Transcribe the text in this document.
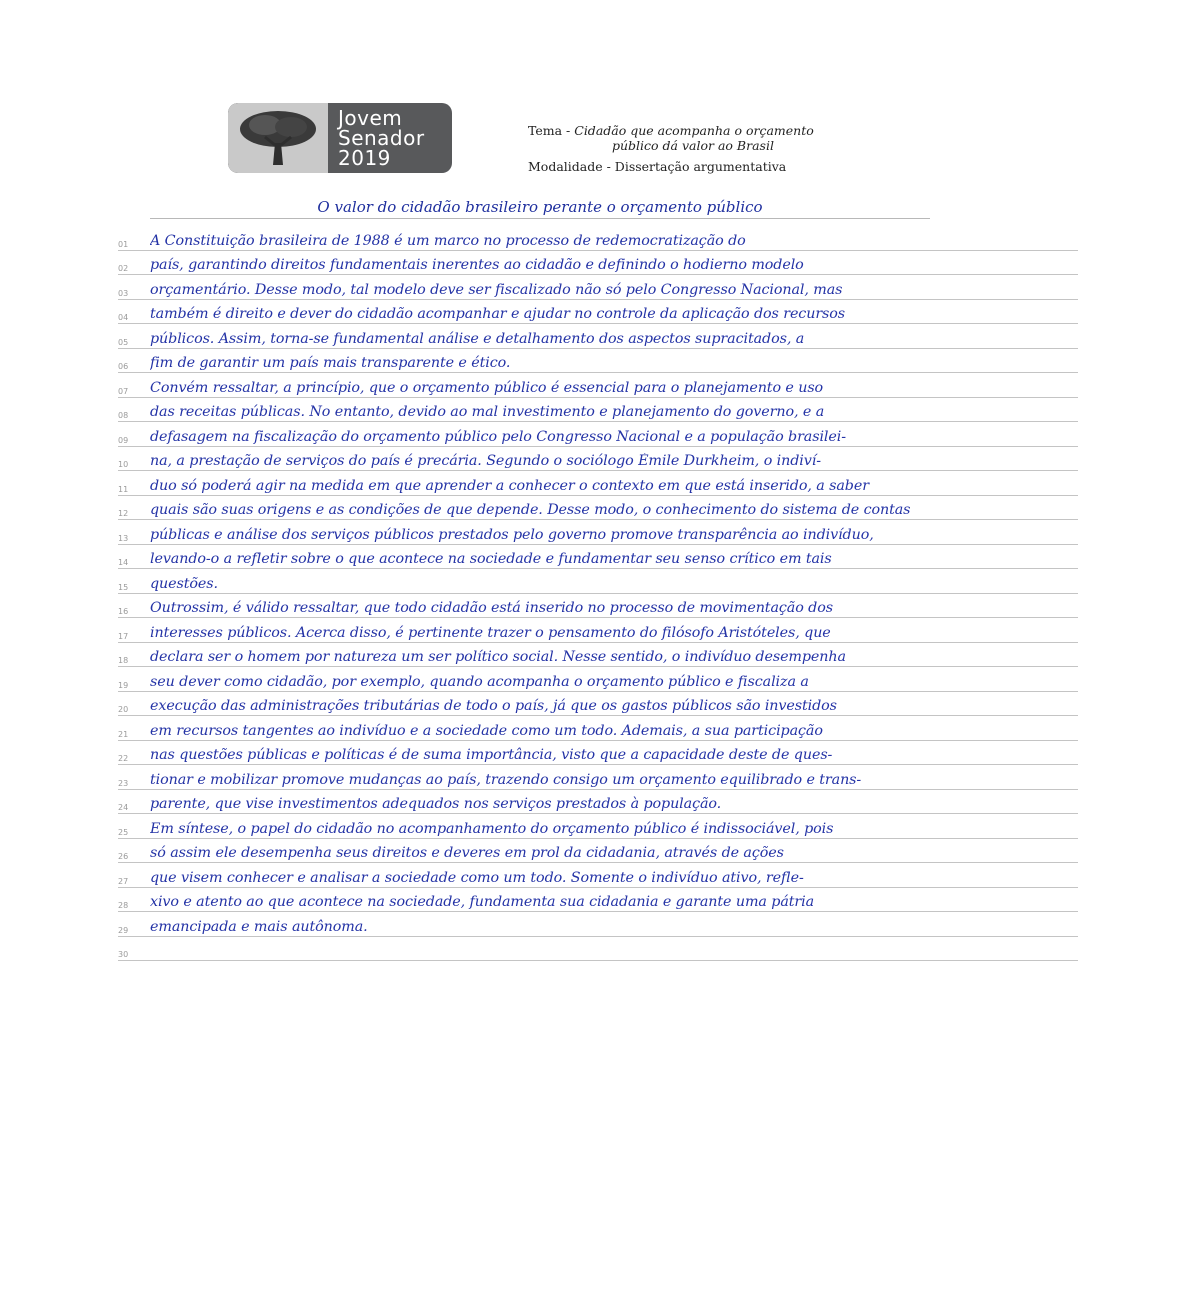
Jovem
Senador
2019
Tema - Cidadão que acompanha o orçamento
público dá valor ao Brasil
Modalidade - Dissertação argumentativa
O valor do cidadão brasileiro perante o orçamento público
01	A Constituição brasileira de 1988 é um marco no processo de redemocratização do
02	país, garantindo direitos fundamentais inerentes ao cidadão e definindo o hodierno modelo
03	orçamentário. Desse modo, tal modelo deve ser fiscalizado não só pelo Congresso Nacional, mas
04	também é direito e dever do cidadão acompanhar e ajudar no controle da aplicação dos recursos
05	públicos. Assim, torna-se fundamental análise e detalhamento dos aspectos supracitados, a
06	fim de garantir um país mais transparente e ético.
07	Convém ressaltar, a princípio, que o orçamento público é essencial para o planejamento e uso
08	das receitas públicas. No entanto, devido ao mal investimento e planejamento do governo, e a
09	defasagem na fiscalização do orçamento público pelo Congresso Nacional e a população brasilei-
10	na, a prestação de serviços do país é precária. Segundo o sociólogo Émile Durkheim, o indiví-
11	duo só poderá agir na medida em que aprender a conhecer o contexto em que está inserido, a saber
12	quais são suas origens e as condições de que depende. Desse modo, o conhecimento do sistema de contas
13	públicas e análise dos serviços públicos prestados pelo governo promove transparência ao indivíduo,
14	levando-o a refletir sobre o que acontece na sociedade e fundamentar seu senso crítico em tais
15	questões.
16	Outrossim, é válido ressaltar, que todo cidadão está inserido no processo de movimentação dos
17	interesses públicos. Acerca disso, é pertinente trazer o pensamento do filósofo Aristóteles, que
18	declara ser o homem por natureza um ser político social. Nesse sentido, o indivíduo desempenha
19	seu dever como cidadão, por exemplo, quando acompanha o orçamento público e fiscaliza a
20	execução das administrações tributárias de todo o país, já que os gastos públicos são investidos
21	em recursos tangentes ao indivíduo e a sociedade como um todo. Ademais, a sua participação
22	nas questões públicas e políticas é de suma importância, visto que a capacidade deste de ques-
23	tionar e mobilizar promove mudanças ao país, trazendo consigo um orçamento equilibrado e trans-
24	parente, que vise investimentos adequados nos serviços prestados à população.
25	Em síntese, o papel do cidadão no acompanhamento do orçamento público é indissociável, pois
26	só assim ele desempenha seus direitos e deveres em prol da cidadania, através de ações
27	que visem conhecer e analisar a sociedade como um todo. Somente o indivíduo ativo, refle-
28	xivo e atento ao que acontece na sociedade, fundamenta sua cidadania e garante uma pátria
29	emancipada e mais autônoma.
30
